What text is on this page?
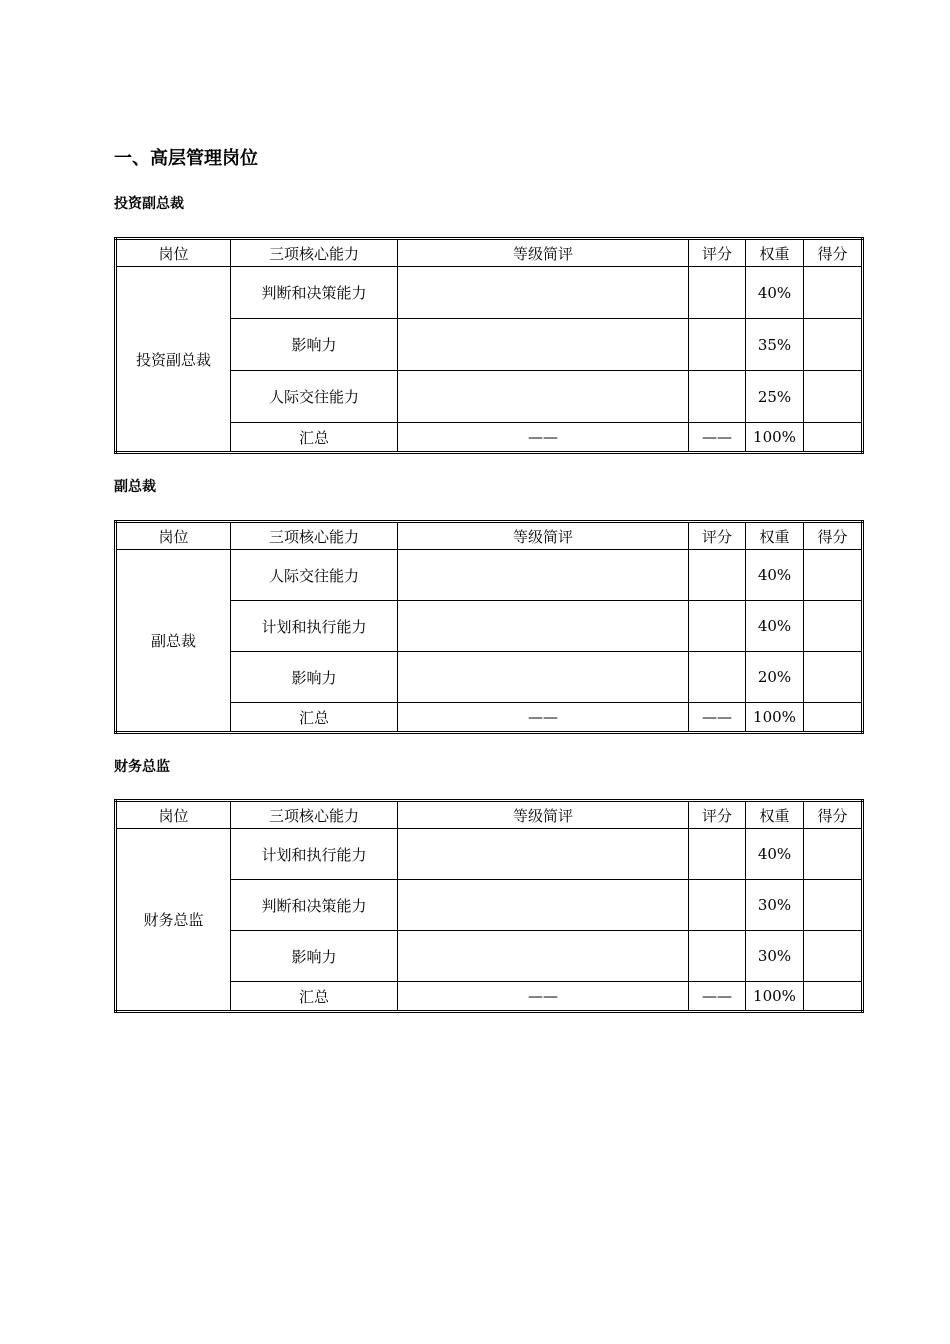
一、高层管理岗位
投资副总裁
岗位	三项核心能力	等级简评	评分	权重	得分
投资副总裁	判断和决策能力			40%	
	影响力			35%	
	人际交往能力			25%	
	汇总	——	——	100%	
副总裁
岗位	三项核心能力	等级简评	评分	权重	得分
副总裁	人际交往能力			40%	
	计划和执行能力			40%	
	影响力			20%	
	汇总	——	——	100%	
财务总监
岗位	三项核心能力	等级简评	评分	权重	得分
财务总监	计划和执行能力			40%	
	判断和决策能力			30%	
	影响力			30%	
	汇总	——	——	100%	
